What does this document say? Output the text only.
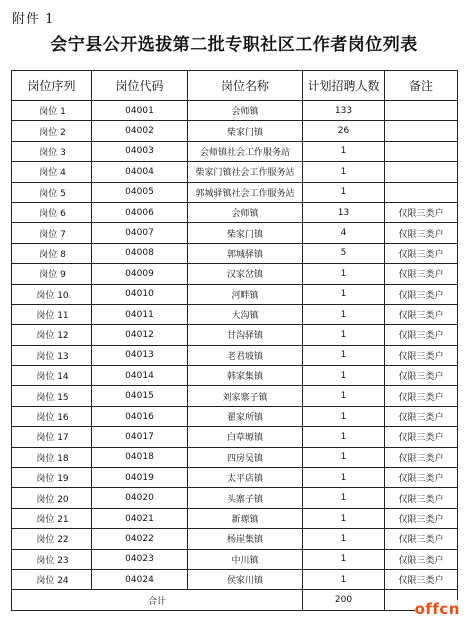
附件 1
会宁县公开选拔第二批专职社区工作者岗位列表
岗位序列	岗位代码	岗位名称	计划招聘人数	备注
岗位 1	04001	会师镇	133	
岗位 2	04002	柴家门镇	26	
岗位 3	04003	会师镇社会工作服务站	1	
岗位 4	04004	柴家门镇社会工作服务站	1	
岗位 5	04005	郭城驿镇社会工作服务站	1	
岗位 6	04006	会师镇	13	仅限三类户
岗位 7	04007	柴家门镇	4	仅限三类户
岗位 8	04008	郭城驿镇	5	仅限三类户
岗位 9	04009	汉家岔镇	1	仅限三类户
岗位 10	04010	河畔镇	1	仅限三类户
岗位 11	04011	大沟镇	1	仅限三类户
岗位 12	04012	甘沟驿镇	1	仅限三类户
岗位 13	04013	老君坡镇	1	仅限三类户
岗位 14	04014	韩家集镇	1	仅限三类户
岗位 15	04015	刘家寨子镇	1	仅限三类户
岗位 16	04016	翟家所镇	1	仅限三类户
岗位 17	04017	白草塬镇	1	仅限三类户
岗位 18	04018	四房吴镇	1	仅限三类户
岗位 19	04019	太平店镇	1	仅限三类户
岗位 20	04020	头寨子镇	1	仅限三类户
岗位 21	04021	新塬镇	1	仅限三类户
岗位 22	04022	杨崖集镇	1	仅限三类户
岗位 23	04023	中川镇	1	仅限三类户
岗位 24	04024	侯家川镇	1	仅限三类户
合计			200		offcn
